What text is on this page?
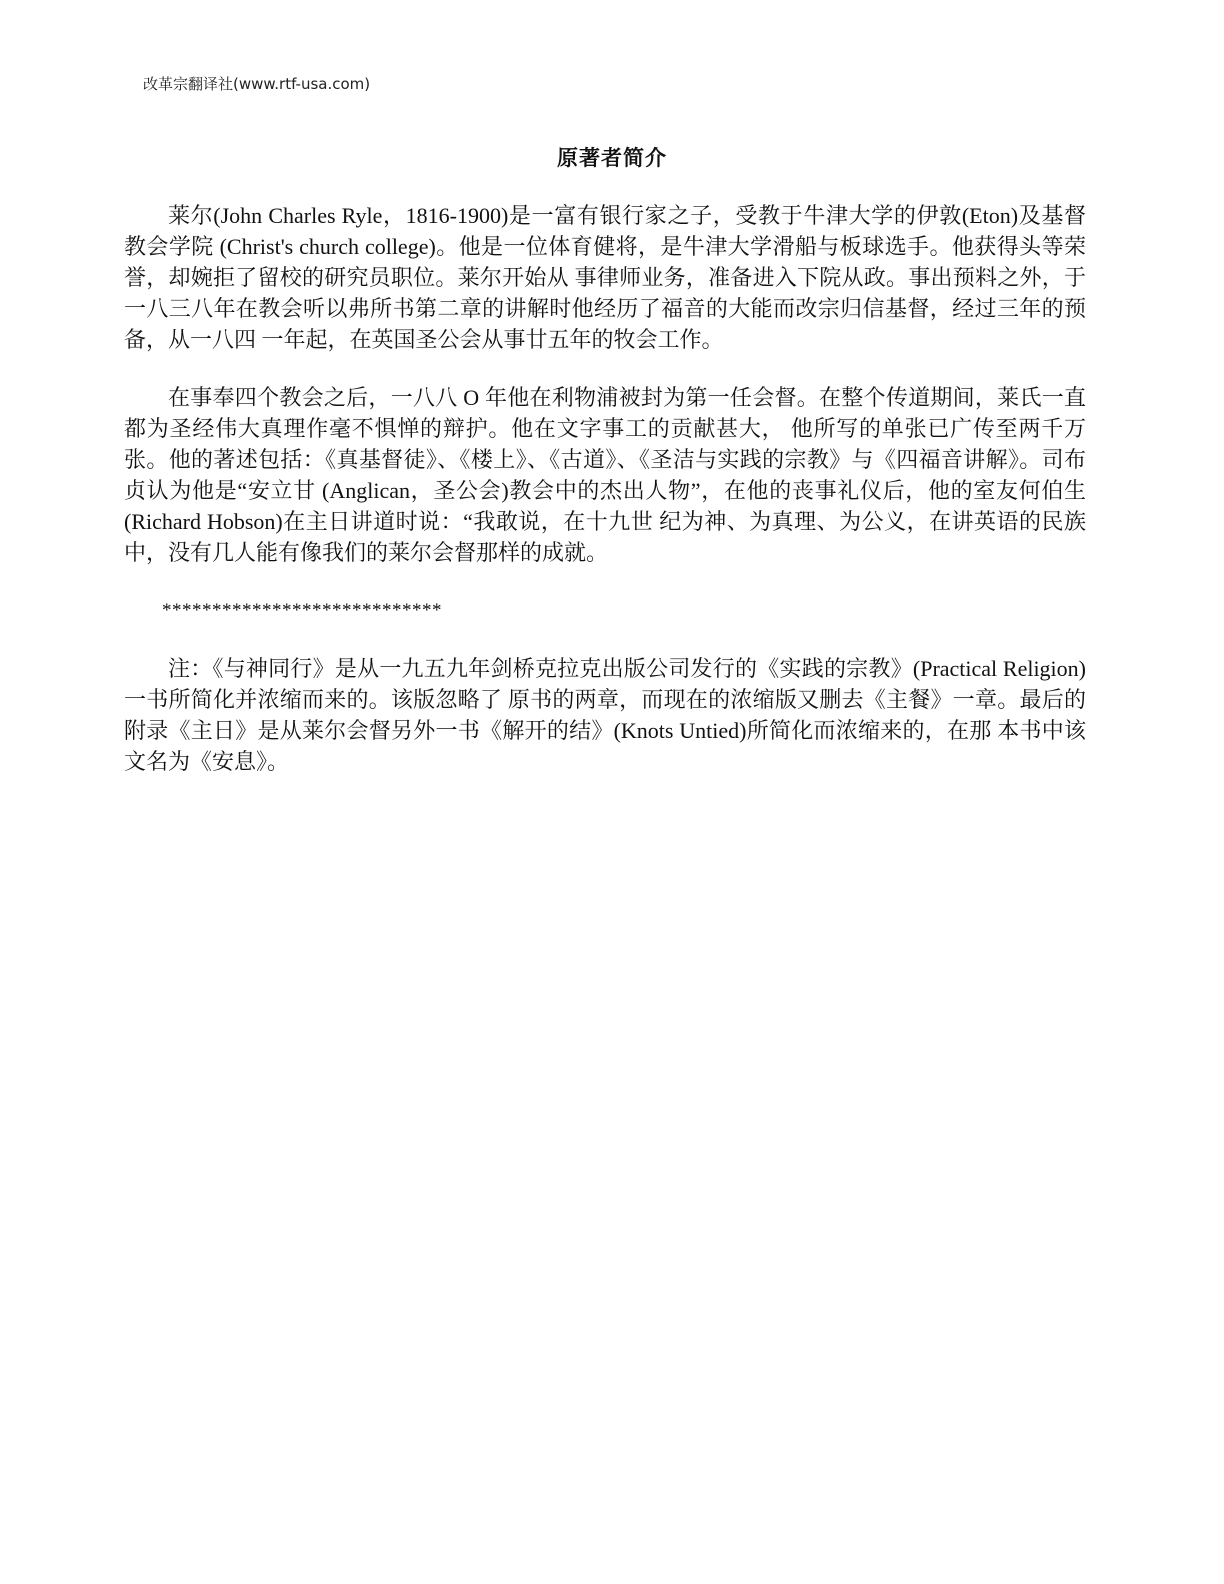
改革宗翻译社(www.rtf-usa.com)
原著者简介

莱尔(John Charles Ryle，1816-1900)是一富有银行家之子，受教于牛津大学的伊敦(Eton)及基督教会学院 (Christ's church college)。他是一位体育健将，是牛津大学滑船与板球选手。他获得头等荣誉，却婉拒了留校的研究员职位。莱尔开始从 事律师业务，准备进入下院从政。事出预料之外，于一八三八年在教会听以弗所书第二章的讲解时他经历了福音的大能而改宗归信基督，经过三年的预备，从一八四 一年起，在英国圣公会从事廿五年的牧会工作。

在事奉四个教会之后，一八八 O 年他在利物浦被封为第一任会督。在整个传道期间，莱氏一直都为圣经伟大真理作毫不惧惮的辩护。他在文字事工的贡献甚大， 他所写的单张已广传至两千万张。他的著述包括：《真基督徒》、《楼上》、《古道》、《圣洁与实践的宗教》与《四福音讲解》。司布贞认为他是“安立甘 (Anglican，圣公会)教会中的杰出人物”，在他的丧事礼仪后，他的室友何伯生(Richard Hobson)在主日讲道时说：“我敢说，在十九世 纪为神、为真理、为公义，在讲英语的民族中，没有几人能有像我们的莱尔会督那样的成就。

****************************

注：《与神同行》是从一九五九年剑桥克拉克出版公司发行的《实践的宗教》(Practical Religion)一书所简化并浓缩而来的。该版忽略了 原书的两章，而现在的浓缩版又删去《主餐》一章。最后的附录《主日》是从莱尔会督另外一书《解开的结》(Knots Untied)所简化而浓缩来的，在那 本书中该文名为《安息》。
